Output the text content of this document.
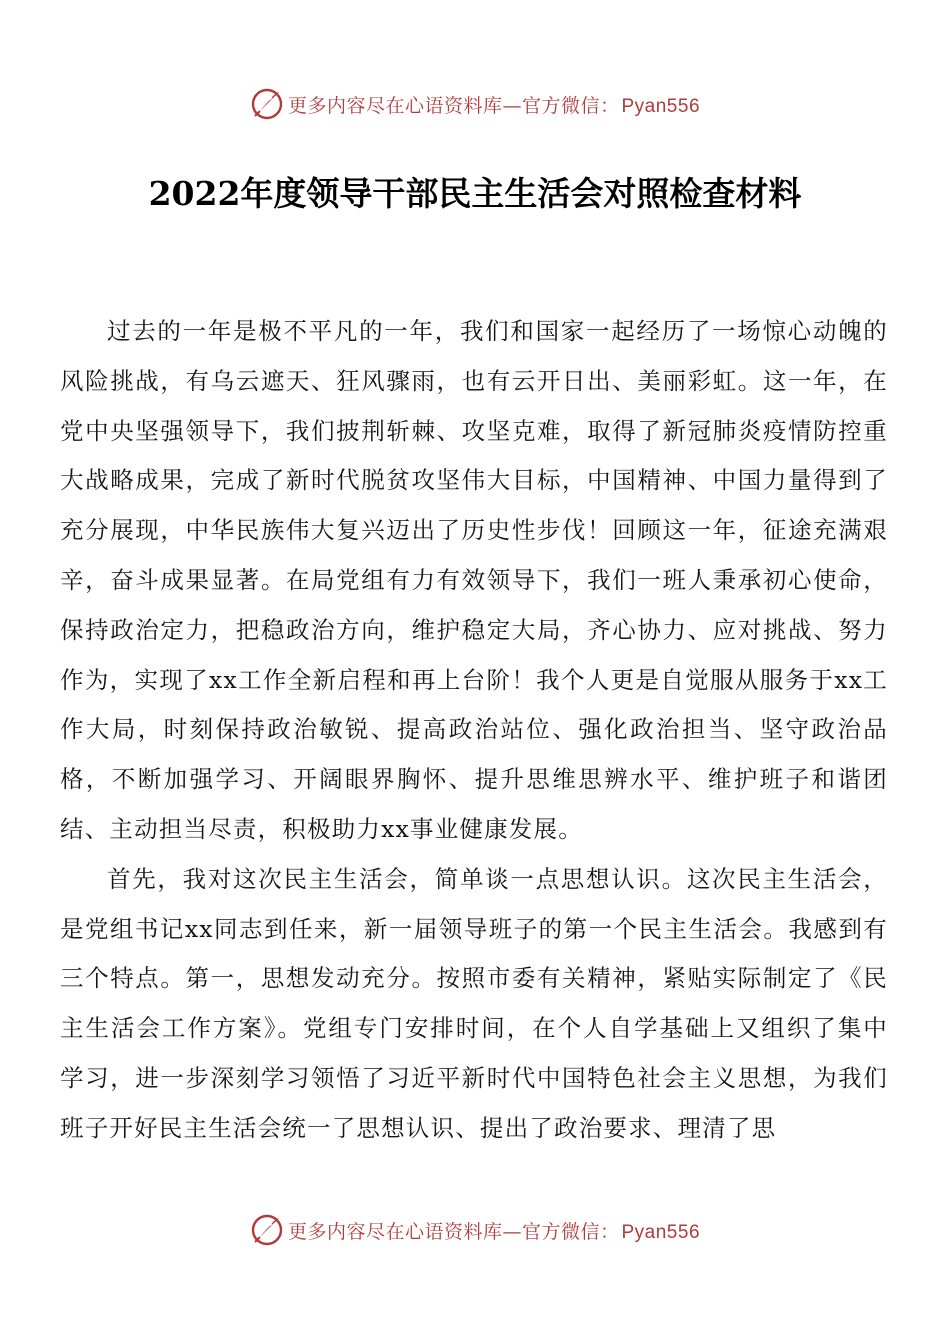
更多内容尽在心语资料库—官方微信： Pyan556
2022年度领导干部民主生活会对照检查材料

过去的一年是极不平凡的一年，我们和国家一起经历了一场惊心动魄的风险挑战，有乌云遮天、狂风骤雨，也有云开日出、美丽彩虹。这一年，在党中央坚强领导下，我们披荆斩棘、攻坚克难，取得了新冠肺炎疫情防控重大战略成果，完成了新时代脱贫攻坚伟大目标，中国精神、中国力量得到了充分展现，中华民族伟大复兴迈出了历史性步伐！回顾这一年，征途充满艰辛，奋斗成果显著。在局党组有力有效领导下，我们一班人秉承初心使命，保持政治定力，把稳政治方向，维护稳定大局，齐心协力、应对挑战、努力作为，实现了xx工作全新启程和再上台阶！我个人更是自觉服从服务于xx工作大局，时刻保持政治敏锐、提高政治站位、强化政治担当、坚守政治品格，不断加强学习、开阔眼界胸怀、提升思维思辨水平、维护班子和谐团结、主动担当尽责，积极助力xx事业健康发展。

首先，我对这次民主生活会，简单谈一点思想认识。这次民主生活会，是党组书记xx同志到任来，新一届领导班子的第一个民主生活会。我感到有三个特点。第一，思想发动充分。按照市委有关精神，紧贴实际制定了《民主生活会工作方案》。党组专门安排时间，在个人自学基础上又组织了集中学习，进一步深刻学习领悟了习近平新时代中国特色社会主义思想，为我们班子开好民主生活会统一了思想认识、提出了政治要求、理清了思

更多内容尽在心语资料库—官方微信： Pyan556
